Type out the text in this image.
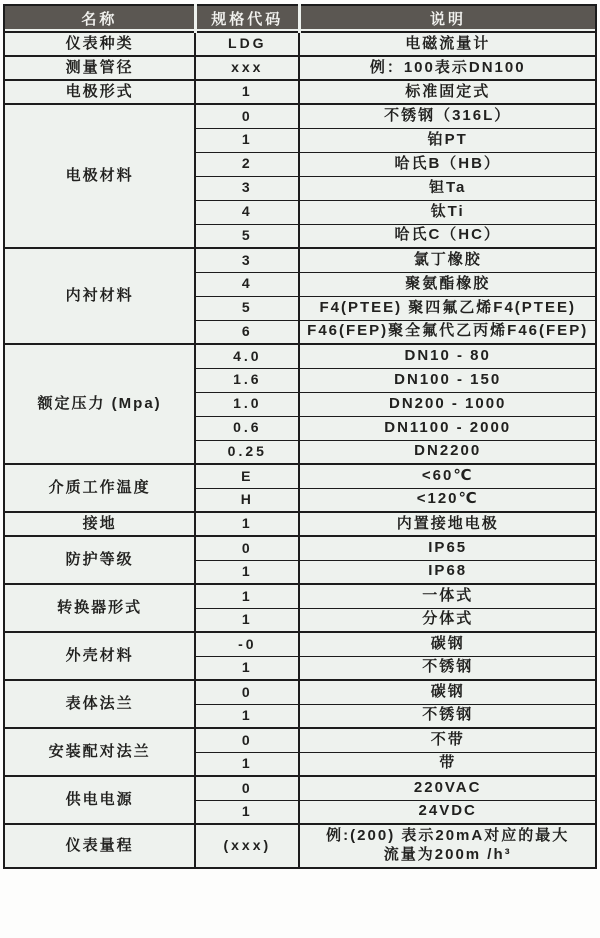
名称	规格代码	说明
仪表种类	LDG	电磁流量计
测量管径	xxx	例：100表示DN100
电极形式	1	标准固定式
电极材料	0	不锈钢（316L）
	1	铂PT
	2	哈氏B（HB）
	3	钽Ta
	4	钛Ti
	5	哈氏C（HC）
内衬材料	3	氯丁橡胶
	4	聚氨酯橡胶
	5	F4(PTEE) 聚四氟乙烯F4(PTEE)
	6	F46(FEP)聚全氟代乙丙烯F46(FEP)
额定压力 (Mpa)	4.0	DN10 - 80
	1.6	DN100 - 150
	1.0	DN200 - 1000
	0.6	DN1100 - 2000
	0.25	DN2200
介质工作温度	E	<60℃
	H	<120℃
接地	1	内置接地电极
防护等级	0	IP65
	1	IP68
转换器形式	1	一体式
	1	分体式
外壳材料	-0	碳钢
	1	不锈钢
表体法兰	0	碳钢
	1	不锈钢
安装配对法兰	0	不带
	1	带
供电电源	0	220VAC
	1	24VDC
仪表量程	(xxx)	例:(200) 表示20mA对应的最大
流量为200m /h³
